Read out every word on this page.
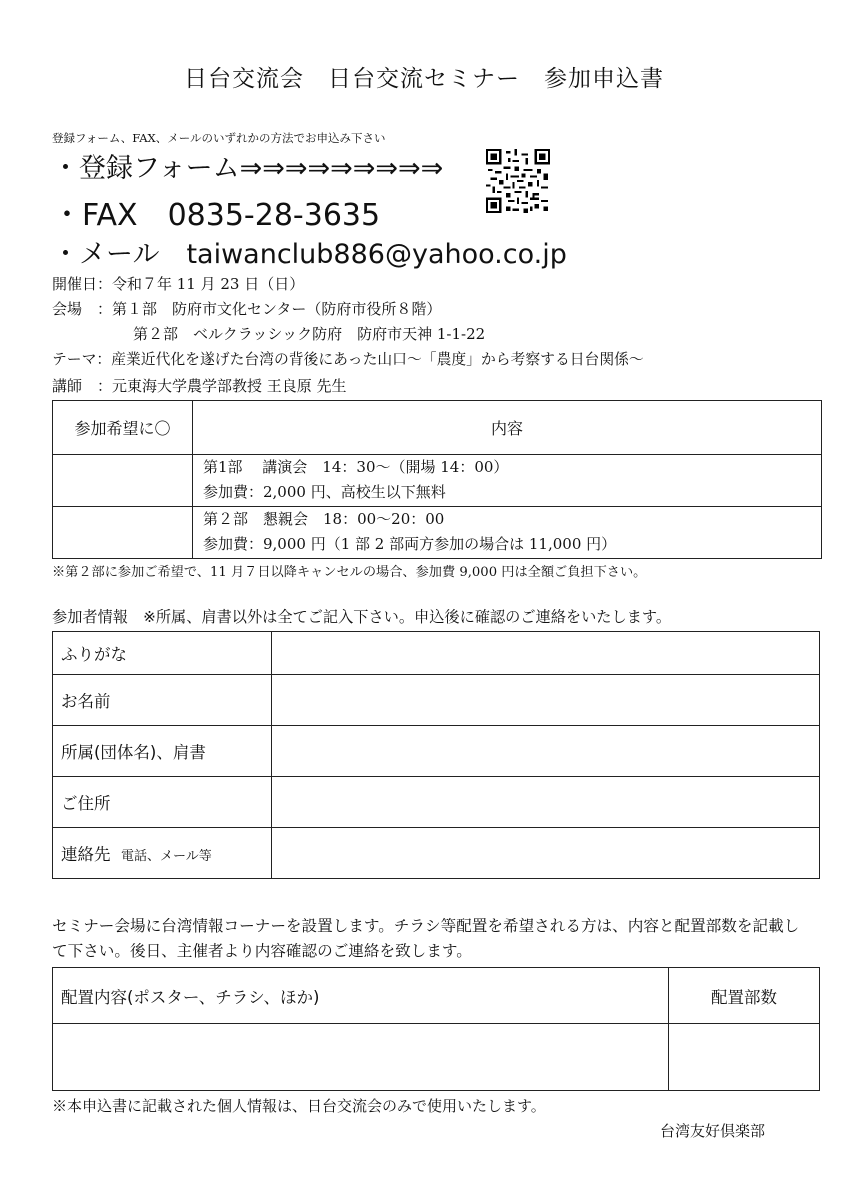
日台交流会　日台交流セミナー　参加申込書
登録フォーム、FAX、メールのいずれかの方法でお申込み下さい
・登録フォーム⇒⇒⇒⇒⇒⇒⇒⇒⇒
・FAX　0835-28-3635
・メール　taiwanclub886@yahoo.co.jp
開催日：令和７年 11 月 23 日（日）
会場　：第１部　防府市文化センター（防府市役所８階）
第２部　ベルクラッシック防府　防府市天神 1-1-22
テーマ：産業近代化を遂げた台湾の背後にあった山口～「農度」から考察する日台関係～
講師　：元東海大学農学部教授 王良原 先生
参加希望に〇	内容

	第1部　 講演会　14：30～（開場 14：00）
参加費：2,000 円、高校生以下無料

	第２部　懇親会　18：00～20：00
参加費：9,000 円（1 部 2 部両方参加の場合は 11,000 円）
※第２部に参加ご希望で、11 月７日以降キャンセルの場合、参加費 9,000 円は全額ご負担下さい。
参加者情報　※所属、肩書以外は全てご記入下さい。申込後に確認のご連絡をいたします。
ふりがな	
お名前	
所属(団体名)、肩書	
ご住所	
連絡先 電話、メール等	
セミナー会場に台湾情報コーナーを設置します。チラシ等配置を希望される方は、内容と配置部数を記載して下さい。後日、主催者より内容確認のご連絡を致します。
配置内容(ポスター、チラシ、ほか)	配置部数

※本申込書に記載された個人情報は、日台交流会のみで使用いたします。
台湾友好倶楽部
